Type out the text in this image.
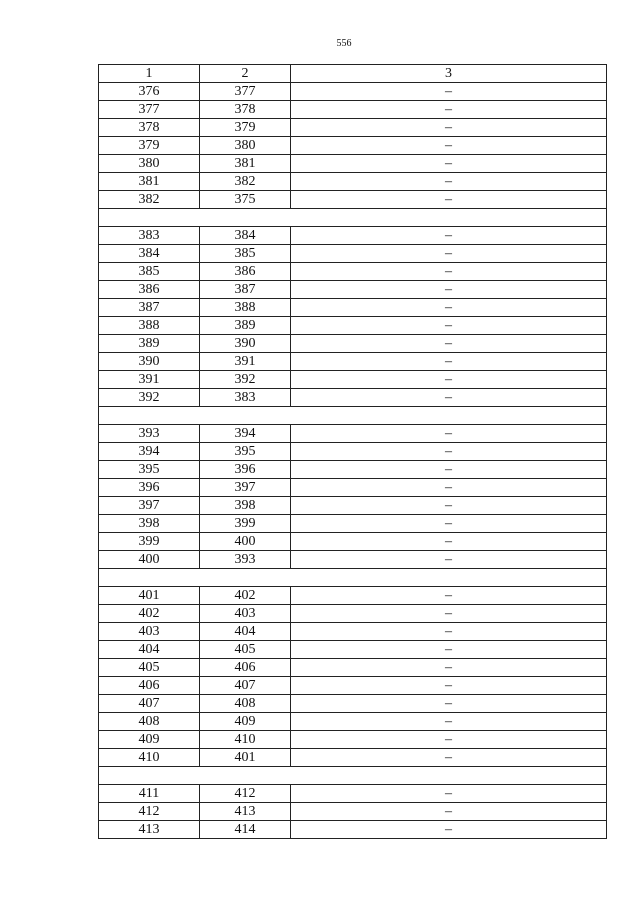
556
1	2	3
376	377	–
377	378	–
378	379	–
379	380	–
380	381	–
381	382	–
382	375	–

383	384	–
384	385	–
385	386	–
386	387	–
387	388	–
388	389	–
389	390	–
390	391	–
391	392	–
392	383	–

393	394	–
394	395	–
395	396	–
396	397	–
397	398	–
398	399	–
399	400	–
400	393	–

401	402	–
402	403	–
403	404	–
404	405	–
405	406	–
406	407	–
407	408	–
408	409	–
409	410	–
410	401	–

411	412	–
412	413	–
413	414	–
